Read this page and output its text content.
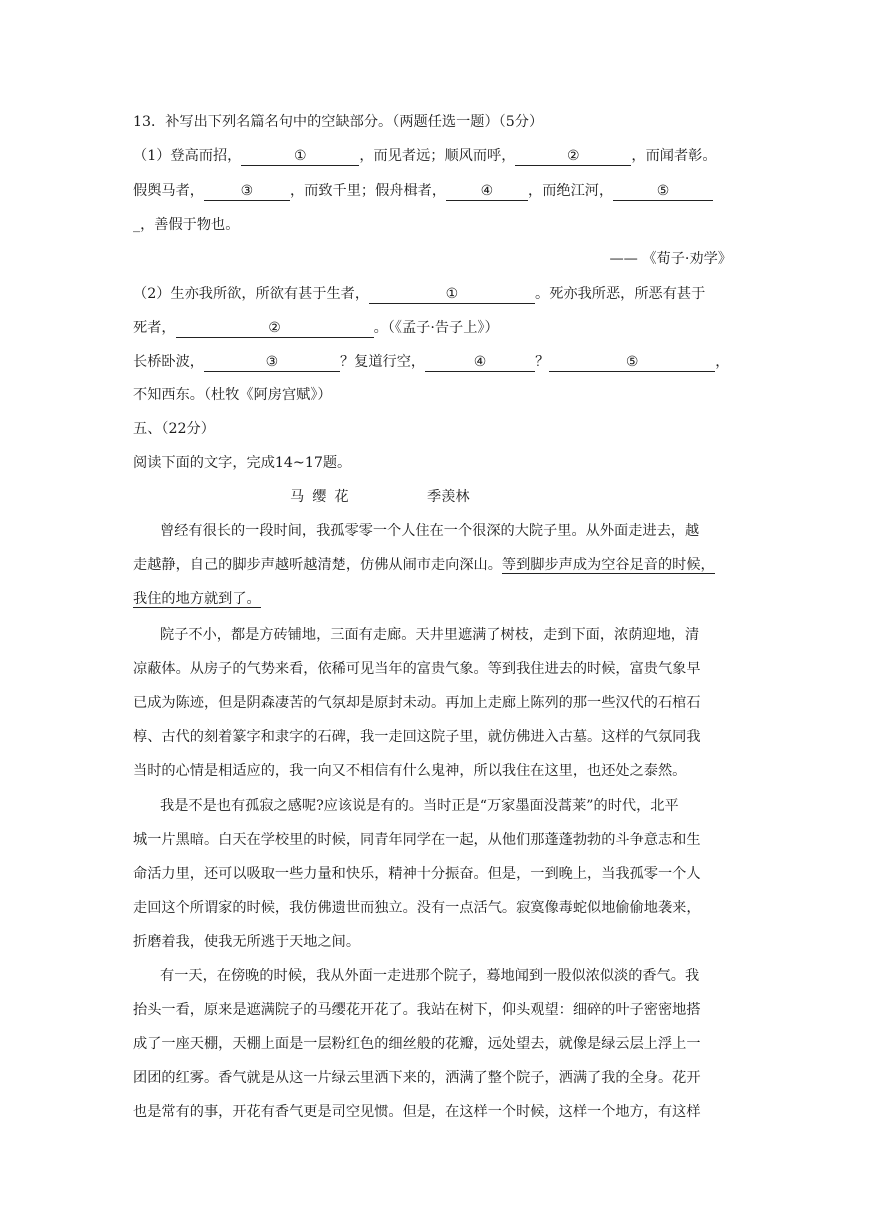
13．补写出下列名篇名句中的空缺部分。（两题任选一题）（5分）
（1）登高而招，	①	，而见者远；顺风而呼，	②	，而闻者彰。
假舆马者，	③	，而致千里；假舟楫者， ④ ，而绝江河，	⑤
_，善假于物也。
—— 《荀子·劝学》
（2）生亦我所欲，所欲有甚于生者，	①	。死亦我所恶，所恶有甚于
死者，	②	。（《孟子·告子上》）
长桥卧波，	③	？复道行空，	④	？	⑤	，
不知西东。（杜牧《阿房宫赋》）
五、（22分）
阅读下面的文字，完成14~17题。
马缨花	季羡林
曾经有很长的一段时间，我孤零零一个人住在一个很深的大院子里。从外面走进去，越
走越静，自己的脚步声越听越清楚，仿佛从闹市走向深山。等到脚步声成为空谷足音的时候，
我住的地方就到了。
院子不小，都是方砖铺地，三面有走廊。天井里遮满了树枝，走到下面，浓荫迎地，清
凉蔽体。从房子的气势来看，依稀可见当年的富贵气象。等到我住进去的时候，富贵气象早
已成为陈迹，但是阴森凄苦的气氛却是原封未动。再加上走廊上陈列的那一些汉代的石棺石
椁、古代的刻着篆字和隶字的石碑，我一走回这院子里，就仿佛进入古墓。这样的气氛同我
当时的心情是相适应的，我一向又不相信有什么鬼神，所以我住在这里，也还处之泰然。
我是不是也有孤寂之感呢?应该说是有的。当时正是“万家墨面没蒿莱”的时代，北平
城一片黑暗。白天在学校里的时候，同青年同学在一起，从他们那蓬蓬勃勃的斗争意志和生
命活力里，还可以吸取一些力量和快乐，精神十分振奋。但是，一到晚上，当我孤零一个人
走回这个所谓家的时候，我仿佛遗世而独立。没有一点活气。寂寞像毒蛇似地偷偷地袭来，
折磨着我，使我无所逃于天地之间。
有一天，在傍晚的时候，我从外面一走进那个院子，蓦地闻到一股似浓似淡的香气。我
抬头一看，原来是遮满院子的马缨花开花了。我站在树下，仰头观望：细碎的叶子密密地搭
成了一座天棚，天棚上面是一层粉红色的细丝般的花瓣，远处望去，就像是绿云层上浮上一
团团的红雾。香气就是从这一片绿云里洒下来的，洒满了整个院子，洒满了我的全身。花开
也是常有的事，开花有香气更是司空见惯。但是，在这样一个时候，这样一个地方，有这样
